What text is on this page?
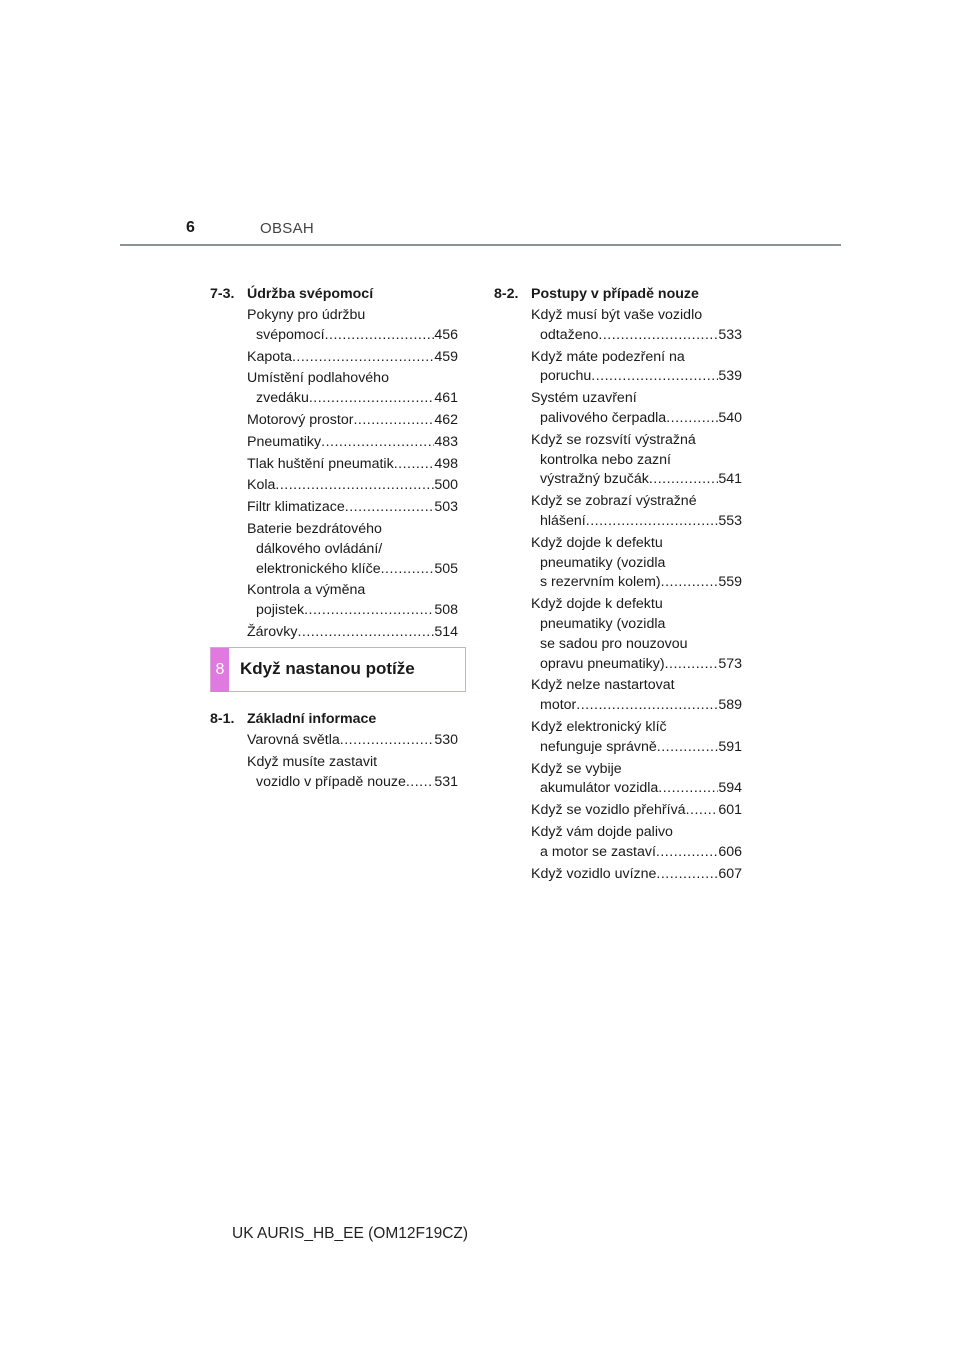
6	OBSAH
7-3. Údržba svépomocí
Pokyny pro údržbu
svépomocí .....	456
Kapota .....	459
Umístění podlahového
zvedáku .....	461
Motorový prostor .....	462
Pneumatiky .....	483
Tlak huštění pneumatik .....	498
Kola .....	500
Filtr klimatizace .....	503
Baterie bezdrátového
dálkového ovládání/
elektronického klíče .....	505
Kontrola a výměna
pojistek .....	508
Žárovky .....	514
8 Když nastanou potíže
8-1. Základní informace
Varovná světla .....	530
Když musíte zastavit
vozidlo v případě nouze ..... 531
8-2. Postupy v případě nouze
Když musí být vaše vozidlo
odtaženo .....	533
Když máte podezření na
poruchu .....	539
Systém uzavření
palivového čerpadla .....	540
Když se rozsvítí výstražná
kontrolka nebo zazní
výstražný bzučák .....	541
Když se zobrazí výstražné
hlášení .....	553
Když dojde k defektu
pneumatiky (vozidla
s rezervním kolem) .....	559
Když dojde k defektu
pneumatiky (vozidla
se sadou pro nouzovou
opravu pneumatiky) .....	573
Když nelze nastartovat
motor .....	589
Když elektronický klíč
nefunguje správně .....	591
Když se vybije
akumulátor vozidla .....	594
Když se vozidlo přehřívá ..... 601
Když vám dojde palivo
a motor se zastaví .....	606
Když vozidlo uvízne .....	607
UK AURIS_HB_EE (OM12F19CZ)
